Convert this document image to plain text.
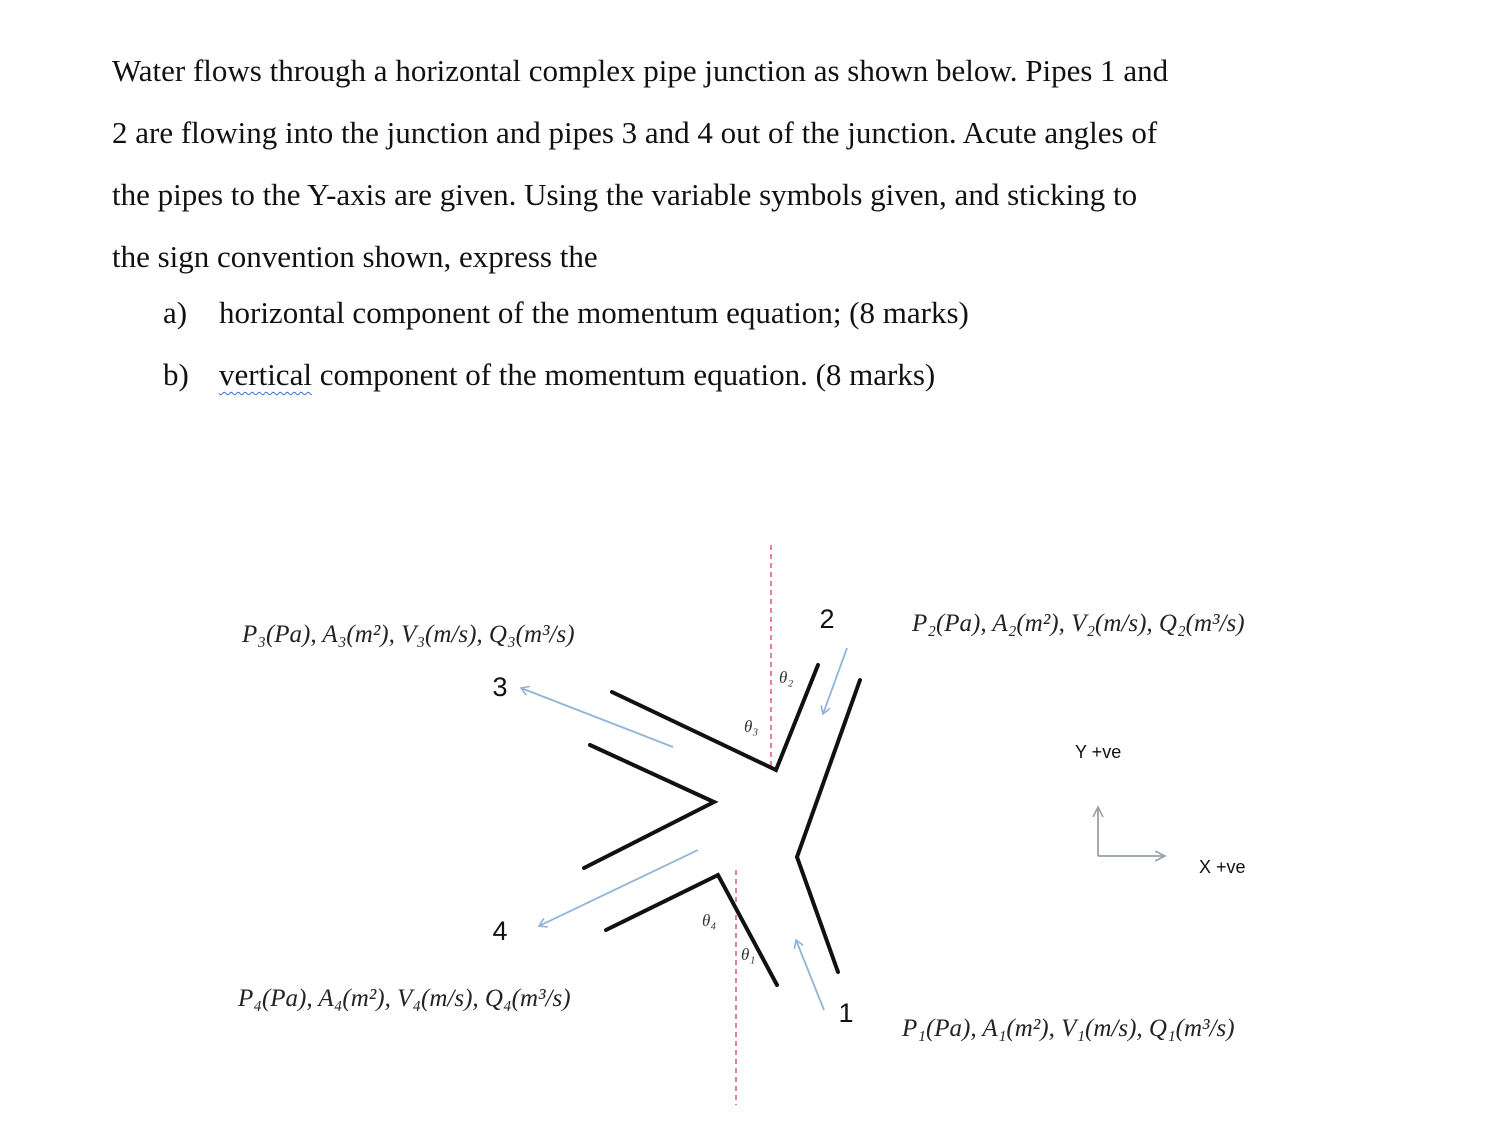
Water flows through a horizontal complex pipe junction as shown below. Pipes 1 and

2 are flowing into the junction and pipes 3 and 4 out of the junction. Acute angles of

the pipes to the Y-axis are given. Using the variable symbols given, and sticking to

the sign convention shown, express the

a) horizontal component of the momentum equation; (8 marks)
b) vertical component of the momentum equation. (8 marks)
2
3
4
1
θ₂
θ₃
θ₄
θ₁
P₃(Pa), A₃(m²), V₃(m/s), Q₃(m³/s)	P₂(Pa), A₂(m²), V₂(m/s), Q₂(m³/s)
P₄(Pa), A₄(m²), V₄(m/s), Q₄(m³/s)
P₁(Pa), A₁(m²), V₁(m/s), Q₁(m³/s)
Y +ve
X +ve
